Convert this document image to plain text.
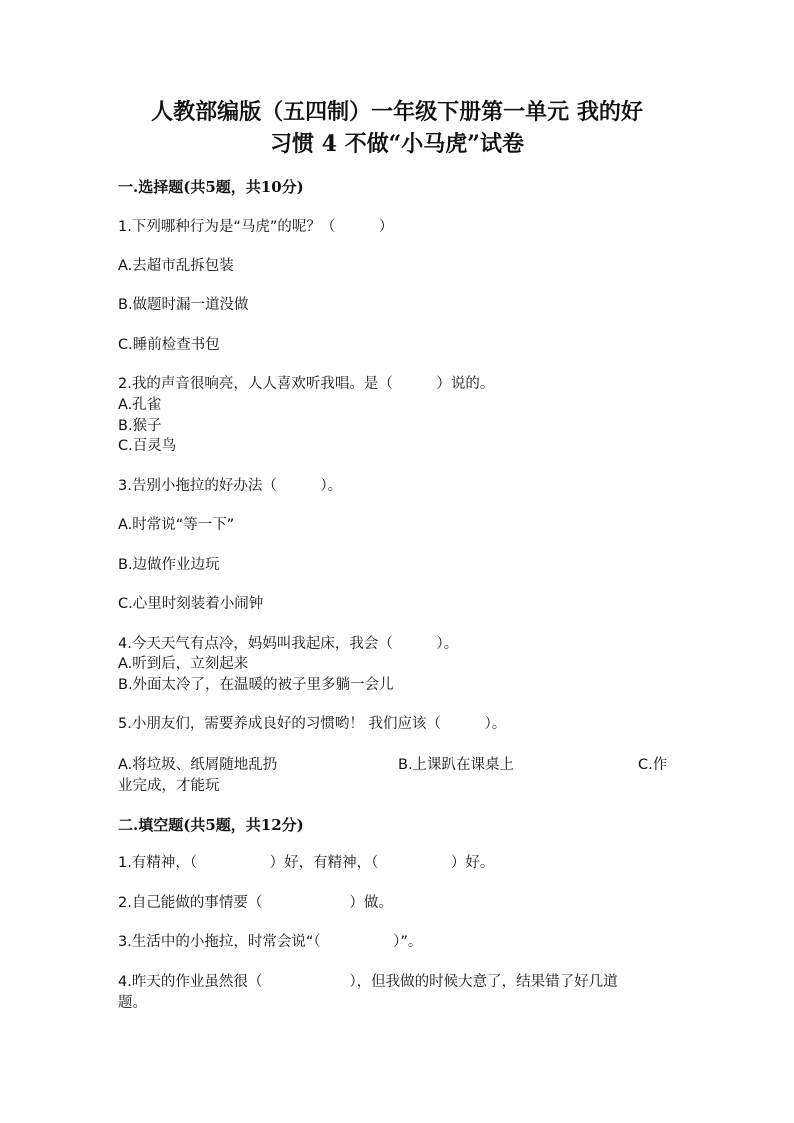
人教部编版（五四制）一年级下册第一单元 我的好
习惯 4 不做“小马虎”试卷
一.选择题(共5题，共10分)
1.下列哪种行为是“马虎”的呢？（　　　）
A.去超市乱拆包装
B.做题时漏一道没做
C.睡前检查书包
2.我的声音很响亮，人人喜欢听我唱。是（　　　）说的。
A.孔雀
B.猴子
C.百灵鸟
3.告别小拖拉的好办法（　　　）。
A.时常说“等一下”
B.边做作业边玩
C.心里时刻装着小闹钟
4.今天天气有点冷，妈妈叫我起床，我会（　　　）。
A.听到后，立刻起来
B.外面太冷了，在温暖的被子里多躺一会儿
5.小朋友们，需要养成良好的习惯哟！ 我们应该（　　　）。
A.将垃圾、纸屑随地乱扔	B.上课趴在课桌上	C.作
业完成，才能玩
二.填空题(共5题，共12分)
1.有精神，（　　　　　）好，有精神，（　　　　　）好。
2.自己能做的事情要（　　　　　　）做。
3.生活中的小拖拉，时常会说“（　　　　　）”。
4.昨天的作业虽然很（　　　　　　），但我做的时候大意了，结果错了好几道
题。
